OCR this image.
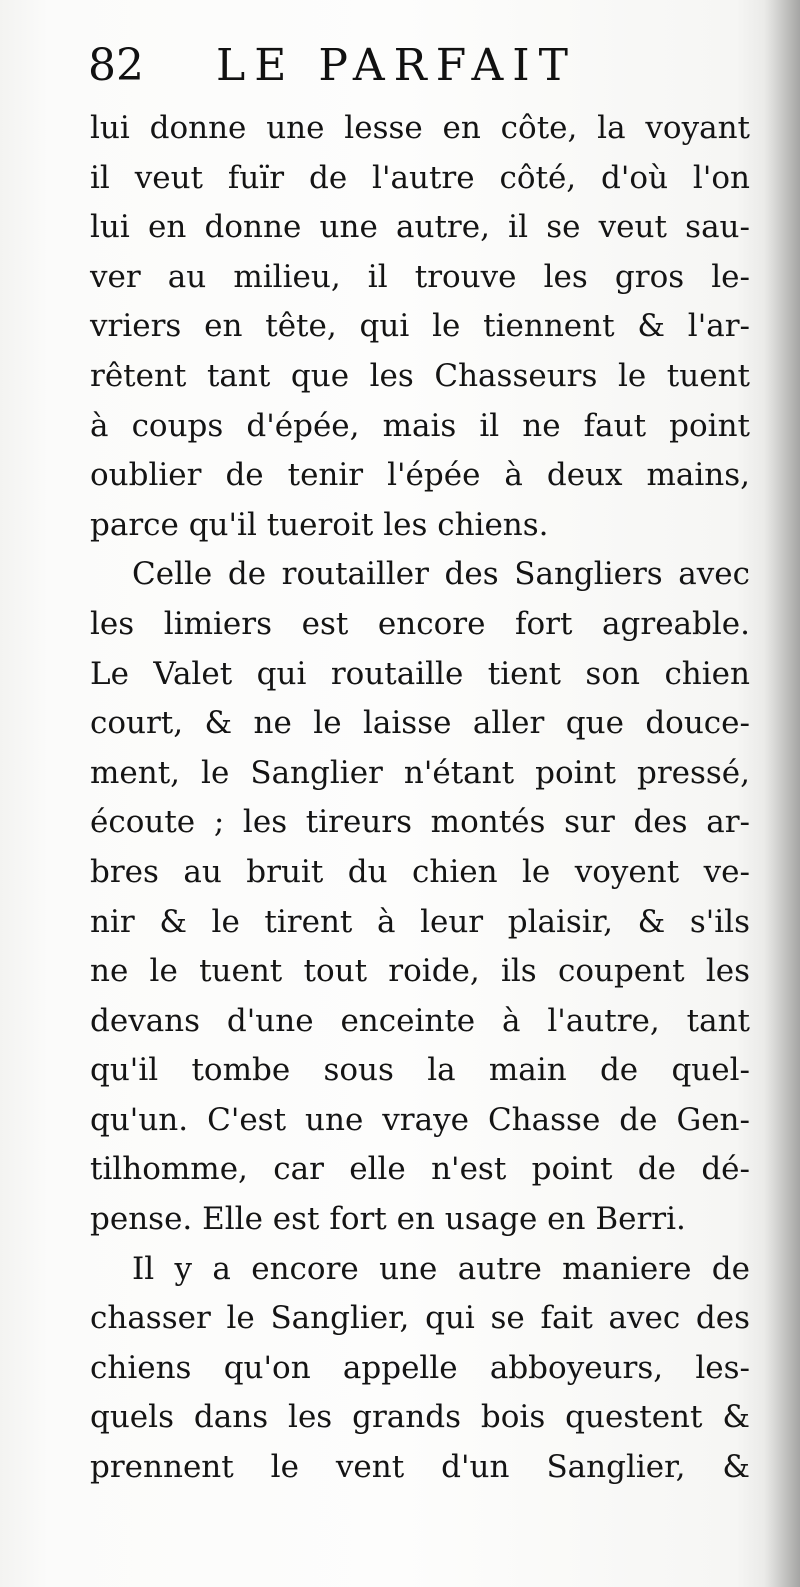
82 LE PARFAIT
lui donne une lesse en côte, la voyant
il veut fuïr de l'autre côté, d'où l'on
lui en donne une autre, il se veut sau-
ver au milieu, il trouve les gros le-
vriers en tête, qui le tiennent & l'ar-
rêtent tant que les Chasseurs le tuent
à coups d'épée, mais il ne faut point
oublier de tenir l'épée à deux mains,
parce qu'il tueroit les chiens.
Celle de routailler des Sangliers avec
les limiers est encore fort agreable.
Le Valet qui routaille tient son chien
court, & ne le laisse aller que douce-
ment, le Sanglier n'étant point pressé,
écoute ; les tireurs montés sur des ar-
bres au bruit du chien le voyent ve-
nir & le tirent à leur plaisir, & s'ils
ne le tuent tout roide, ils coupent les
devans d'une enceinte à l'autre, tant
qu'il tombe sous la main de quel-
qu'un. C'est une vraye Chasse de Gen-
tilhomme, car elle n'est point de dé-
pense. Elle est fort en usage en Berri.
Il y a encore une autre maniere de
chasser le Sanglier, qui se fait avec des
chiens qu'on appelle abboyeurs, les-
quels dans les grands bois questent &
prennent le vent d'un Sanglier, &
